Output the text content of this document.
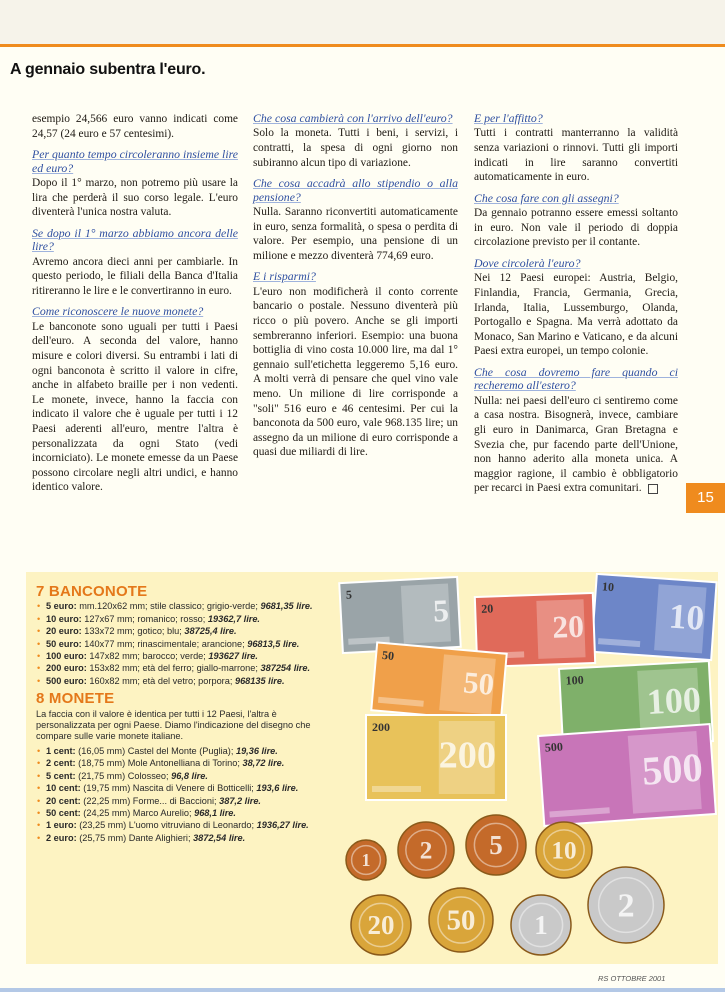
A gennaio subentra l'euro.

esempio 24,566 euro vanno indicati come 24,57 (24 euro e 57 centesimi).

Per quanto tempo circoleranno insieme lire ed euro?

Dopo il 1° marzo, non potremo più usare la lira che perderà il suo corso legale. L'euro diventerà l'unica nostra valuta.

Se dopo il 1° marzo abbiamo ancora delle lire?

Avremo ancora dieci anni per cambiarle. In questo periodo, le filiali della Banca d'Italia ritireranno le lire e le convertiranno in euro.

Come riconoscere le nuove monete?

Le banconote sono uguali per tutti i Paesi dell'euro. A seconda del valore, hanno misure e colori diversi. Su entrambi i lati di ogni banconota è scritto il valore in cifre, anche in alfabeto braille per i non vedenti. Le monete, invece, hanno la faccia con indicato il valore che è uguale per tutti i 12 Paesi aderenti all'euro, mentre l'altra è personalizzata da ogni Stato (vedi incorniciato). Le monete emesse da un Paese possono circolare negli altri undici, e hanno identico valore.

Che cosa cambierà con l'arrivo dell'euro?

Solo la moneta. Tutti i beni, i servizi, i contratti, la spesa di ogni giorno non subiranno alcun tipo di variazione.

Che cosa accadrà allo stipendio o alla pensione?

Nulla. Saranno riconvertiti automaticamente in euro, senza formalità, o spesa o perdita di valore. Per esempio, una pensione di un milione e mezzo diventerà 774,69 euro.

E i risparmi?

L'euro non modificherà il conto corrente bancario o postale. Nessuno diventerà più ricco o più povero. Anche se gli importi sembreranno inferiori. Esempio: una buona bottiglia di vino costa 10.000 lire, ma dal 1° gennaio sull'etichetta leggeremo 5,16 euro. A molti verrà di pensare che quel vino vale meno. Un milione di lire corrisponde a "soli" 516 euro e 46 centesimi. Per cui la banconota da 500 euro, vale 968.135 lire; un assegno da un milione di euro corrisponde a quasi due miliardi di lire.

E per l'affitto?

Tutti i contratti manterranno la validità senza variazioni o rinnovi. Tutti gli importi indicati in lire saranno convertiti automaticamente in euro.

Che cosa fare con gli assegni?

Da gennaio potranno essere emessi soltanto in euro. Non vale il periodo di doppia circolazione previsto per il contante.

Dove circolerà l'euro?

Nei 12 Paesi europei: Austria, Belgio, Finlandia, Francia, Germania, Grecia, Irlanda, Italia, Lussemburgo, Olanda, Portogallo e Spagna. Ma verrà adottato da Monaco, San Marino e Vaticano, e da alcuni Paesi extra europei, un tempo colonie.

Che cosa dovremo fare quando ci recheremo all'estero?

Nulla: nei paesi dell'euro ci sentiremo come a casa nostra. Bisognerà, invece, cambiare gli euro in Danimarca, Gran Bretagna e Svezia che, pur facendo parte dell'Unione, non hanno aderito alla moneta unica. A maggior ragione, il cambio è obbligatorio per recarci in Paesi extra comunitari.

15
7 BANCONOTE
• 5 euro: mm.120x62 mm; stile classico; grigio-verde; 9681,35 lire.
• 10 euro: 127x67 mm; romanico; rosso; 19362,7 lire.
• 20 euro: 133x72 mm; gotico; blu; 38725,4 lire.
• 50 euro: 140x77 mm; rinascimentale; arancione; 96813,5 lire.
• 100 euro: 147x82 mm; barocco; verde; 193627 lire.
• 200 euro: 153x82 mm; età del ferro; giallo-marrone; 387254 lire.
• 500 euro: 160x82 mm; età del vetro; porpora; 968135 lire.
8 MONETE

La faccia con il valore è identica per tutti i 12 Paesi, l'altra è personalizzata per ogni Paese. Diamo l'indicazione del disegno che compare sulle varie monete italiane.

• 1 cent: (16,05 mm) Castel del Monte (Puglia); 19,36 lire.
• 2 cent: (18,75 mm) Mole Antonelliana di Torino; 38,72 lire.
• 5 cent: (21,75 mm) Colosseo; 96,8 lire.
• 10 cent: (19,75 mm) Nascita di Venere di Botticelli; 193,6 lire.
• 20 cent: (22,25 mm) Forme... di Baccioni; 387,2 lire.
• 50 cent: (24,25 mm) Marco Aurelio; 968,1 lire.
• 1 euro: (23,25 mm) L'uomo vitruviano di Leonardo; 1936,27 lire.
• 2 euro: (25,75 mm) Dante Alighieri; 3872,54 lire.
5
5
10
10
20
20
50
50
100
100
200
200
500
500
1 2 5 10
20 50 1
2
RS OTTOBRE 2001
